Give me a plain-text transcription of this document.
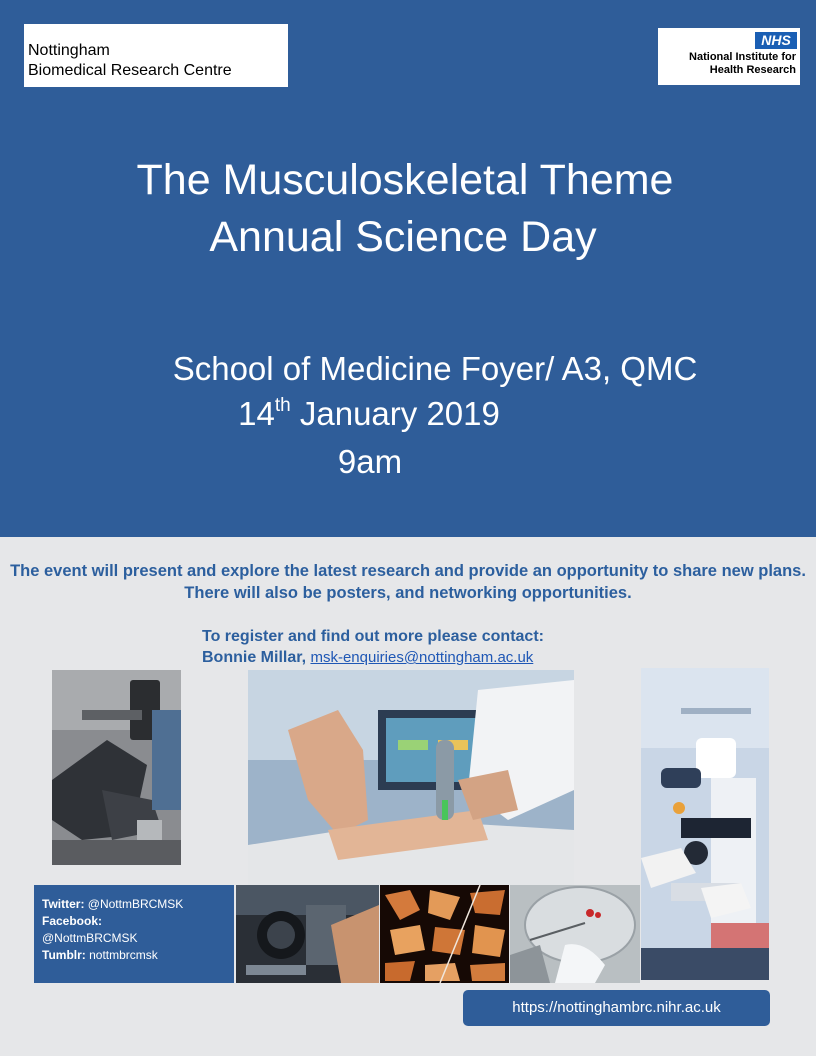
Nottingham
Biomedical Research Centre
NHS
National Institute for
Health Research
The Musculoskeletal Theme
Annual Science Day
School of Medicine Foyer/ A3, QMC
14th January 2019
9am
The event will present and explore the latest research and provide an opportunity to share new plans. There will also be posters, and networking opportunities.
To register and find out more please contact:
Bonnie Millar, msk-enquiries@nottingham.ac.uk
Twitter: @NottmBRCMSK
Facebook:
@NottmBRCMSK
Tumblr: nottmbrcmsk
https://nottinghambrc.nihr.ac.uk
